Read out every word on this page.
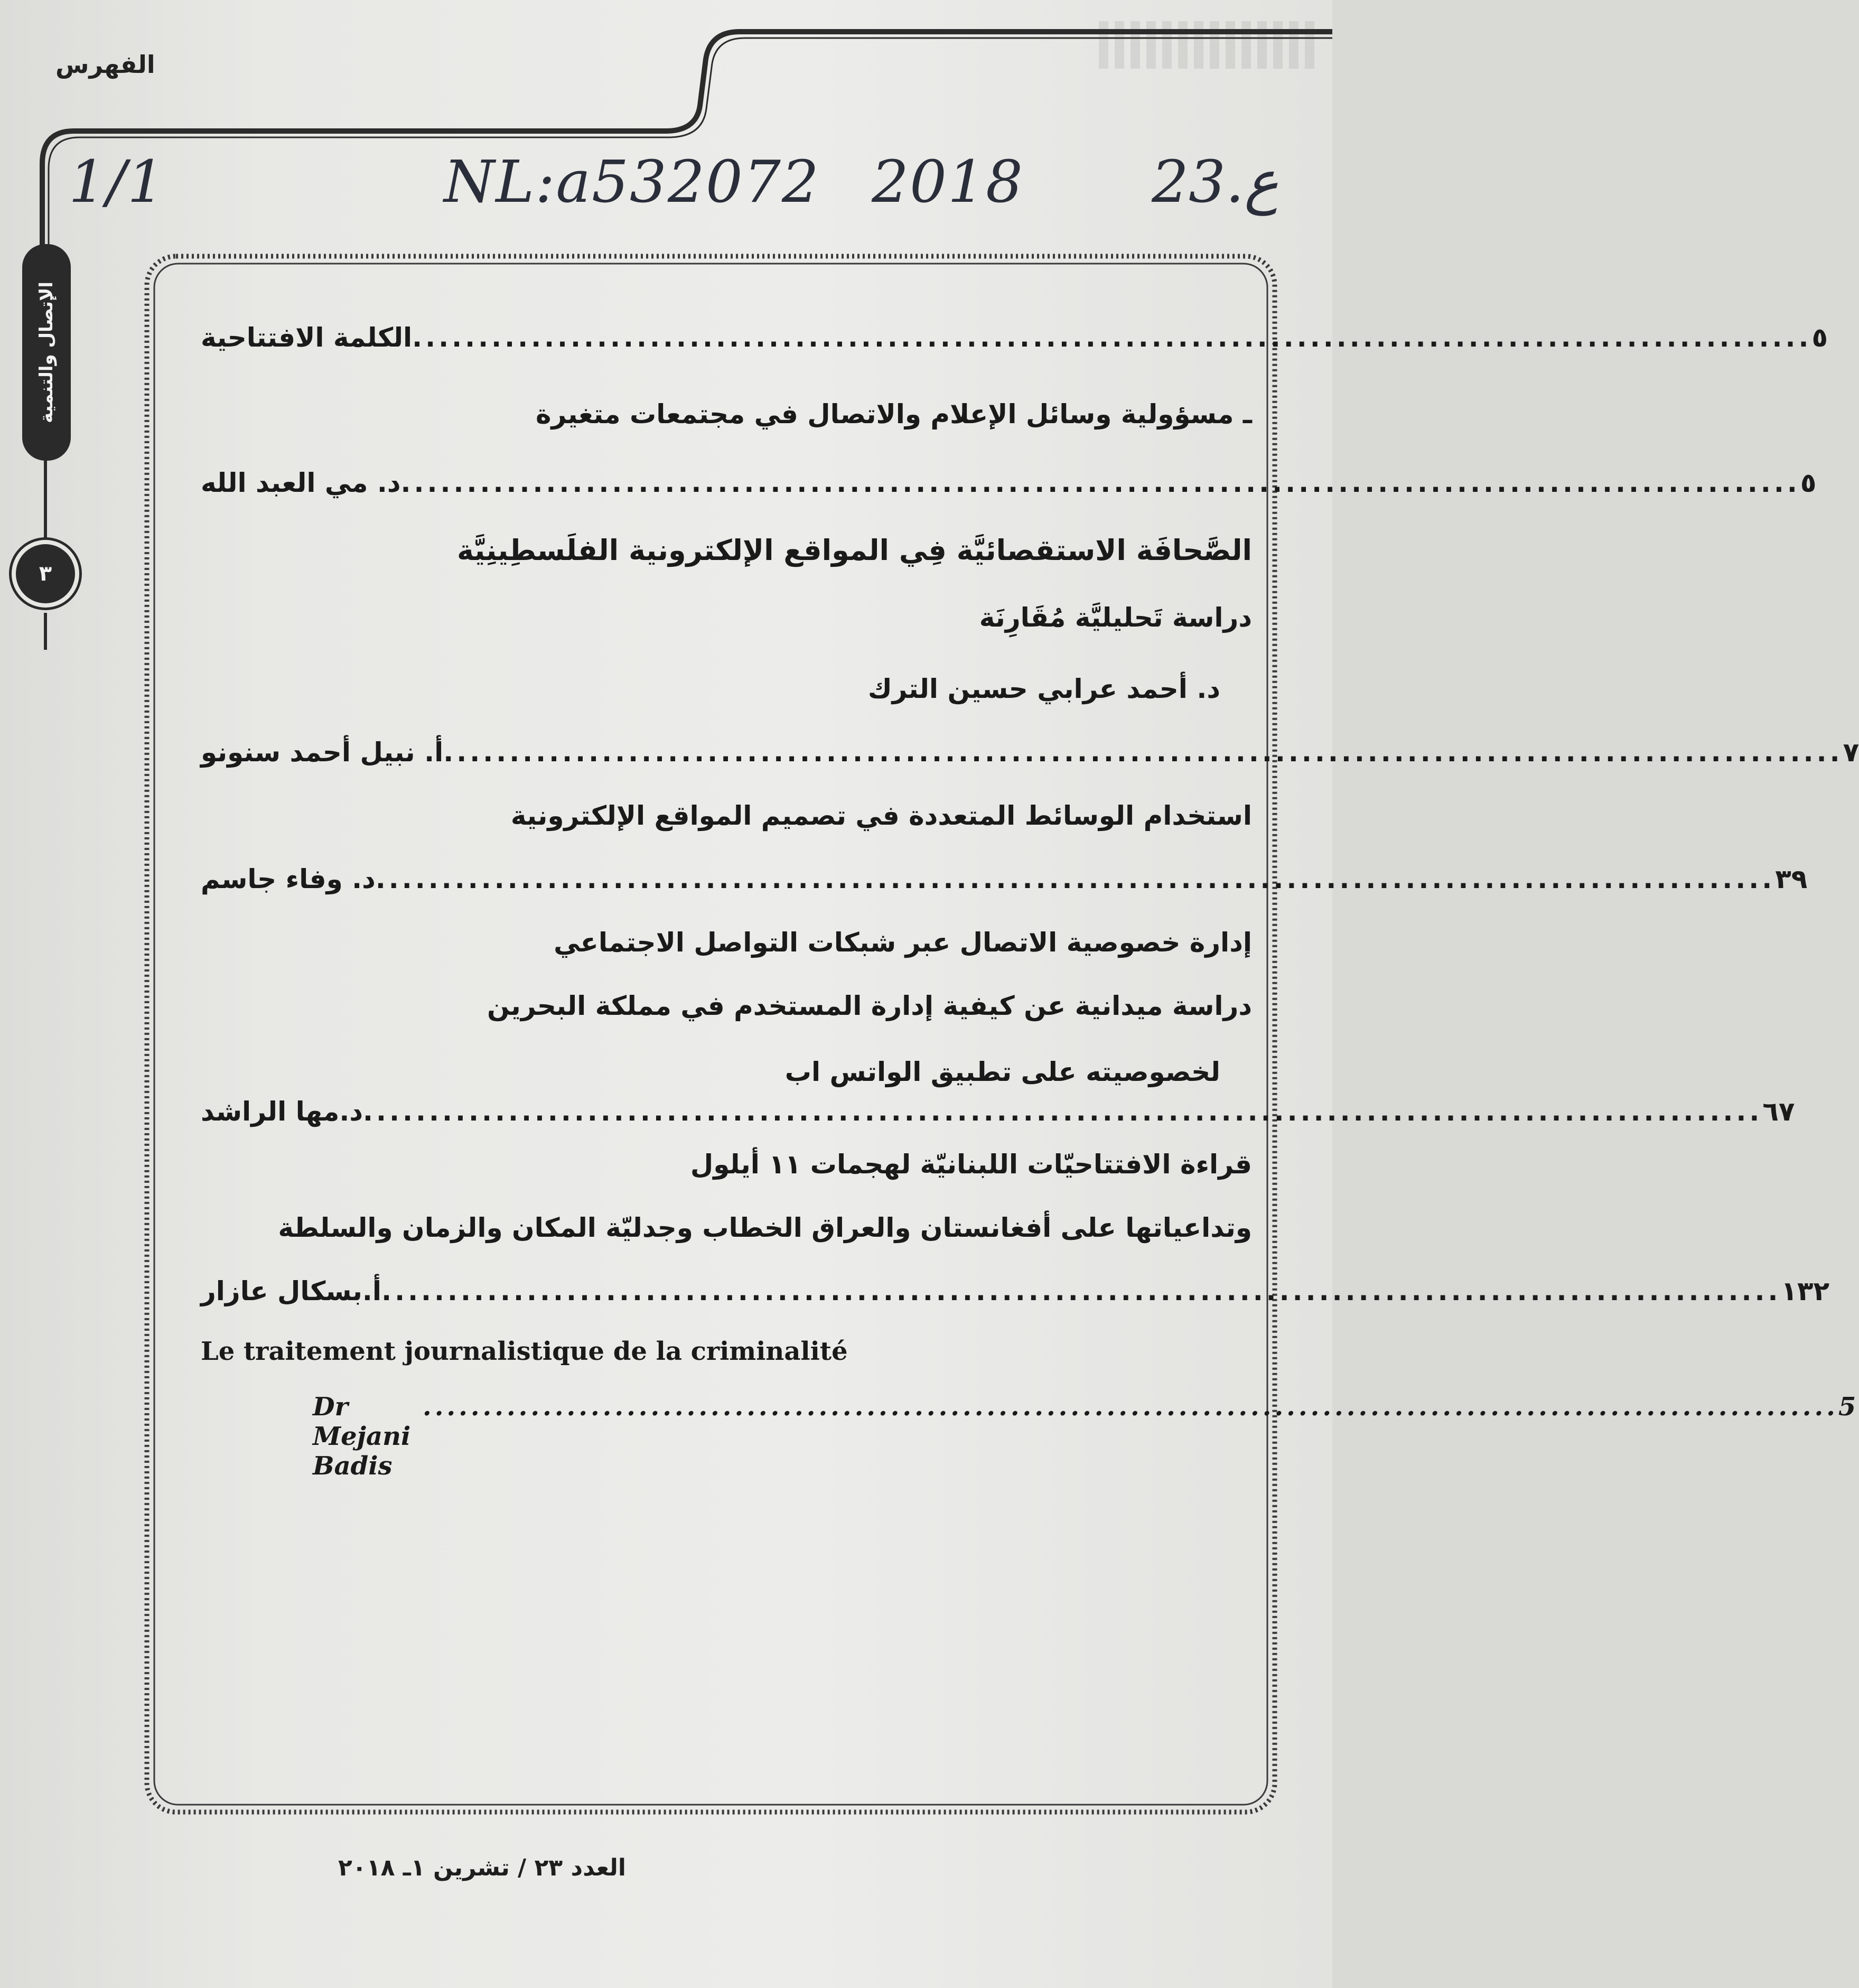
الفهرس
1/1	NL:a532072 2018 23.ع
الإتصال والتنمية
٣
الكلمة الافتتاحية .......................................................................................................... ٥
ـ مسؤولية وسائل الإعلام والاتصال في مجتمعات متغيرة
د. مي العبد الله .......................................................................................................... ٥
الصَّحافَة الاستقصائيَّة فِي المواقع الإلكترونية الفلَسطِينِيَّة
دراسة تَحليليَّة مُقَارِنَة
د. أحمد عرابي حسين الترك
أ. نبيل أحمد سنونو .......................................................................................................... ٧
استخدام الوسائط المتعددة في تصميم المواقع الإلكترونية
د. وفاء جاسم .......................................................................................................... ٣٩
إدارة خصوصية الاتصال عبر شبكات التواصل الاجتماعي
دراسة ميدانية عن كيفية إدارة المستخدم في مملكة البحرين
لخصوصيته على تطبيق الواتس اب
د.مها الراشد .......................................................................................................... ٦٧
قراءة الافتتاحيّات اللبنانيّة لهجمات ١١ أيلول
وتداعياتها على أفغانستان والعراق الخطاب وجدليّة المكان والزمان والسلطة
أ.بسكال عازار .......................................................................................................... ١٣٢
Le traitement journalistique de la criminalité
Dr Mejani Badis
...................................................................................................................... 5
العدد ٢٣ / تشرين ١ـ ٢٠١٨
